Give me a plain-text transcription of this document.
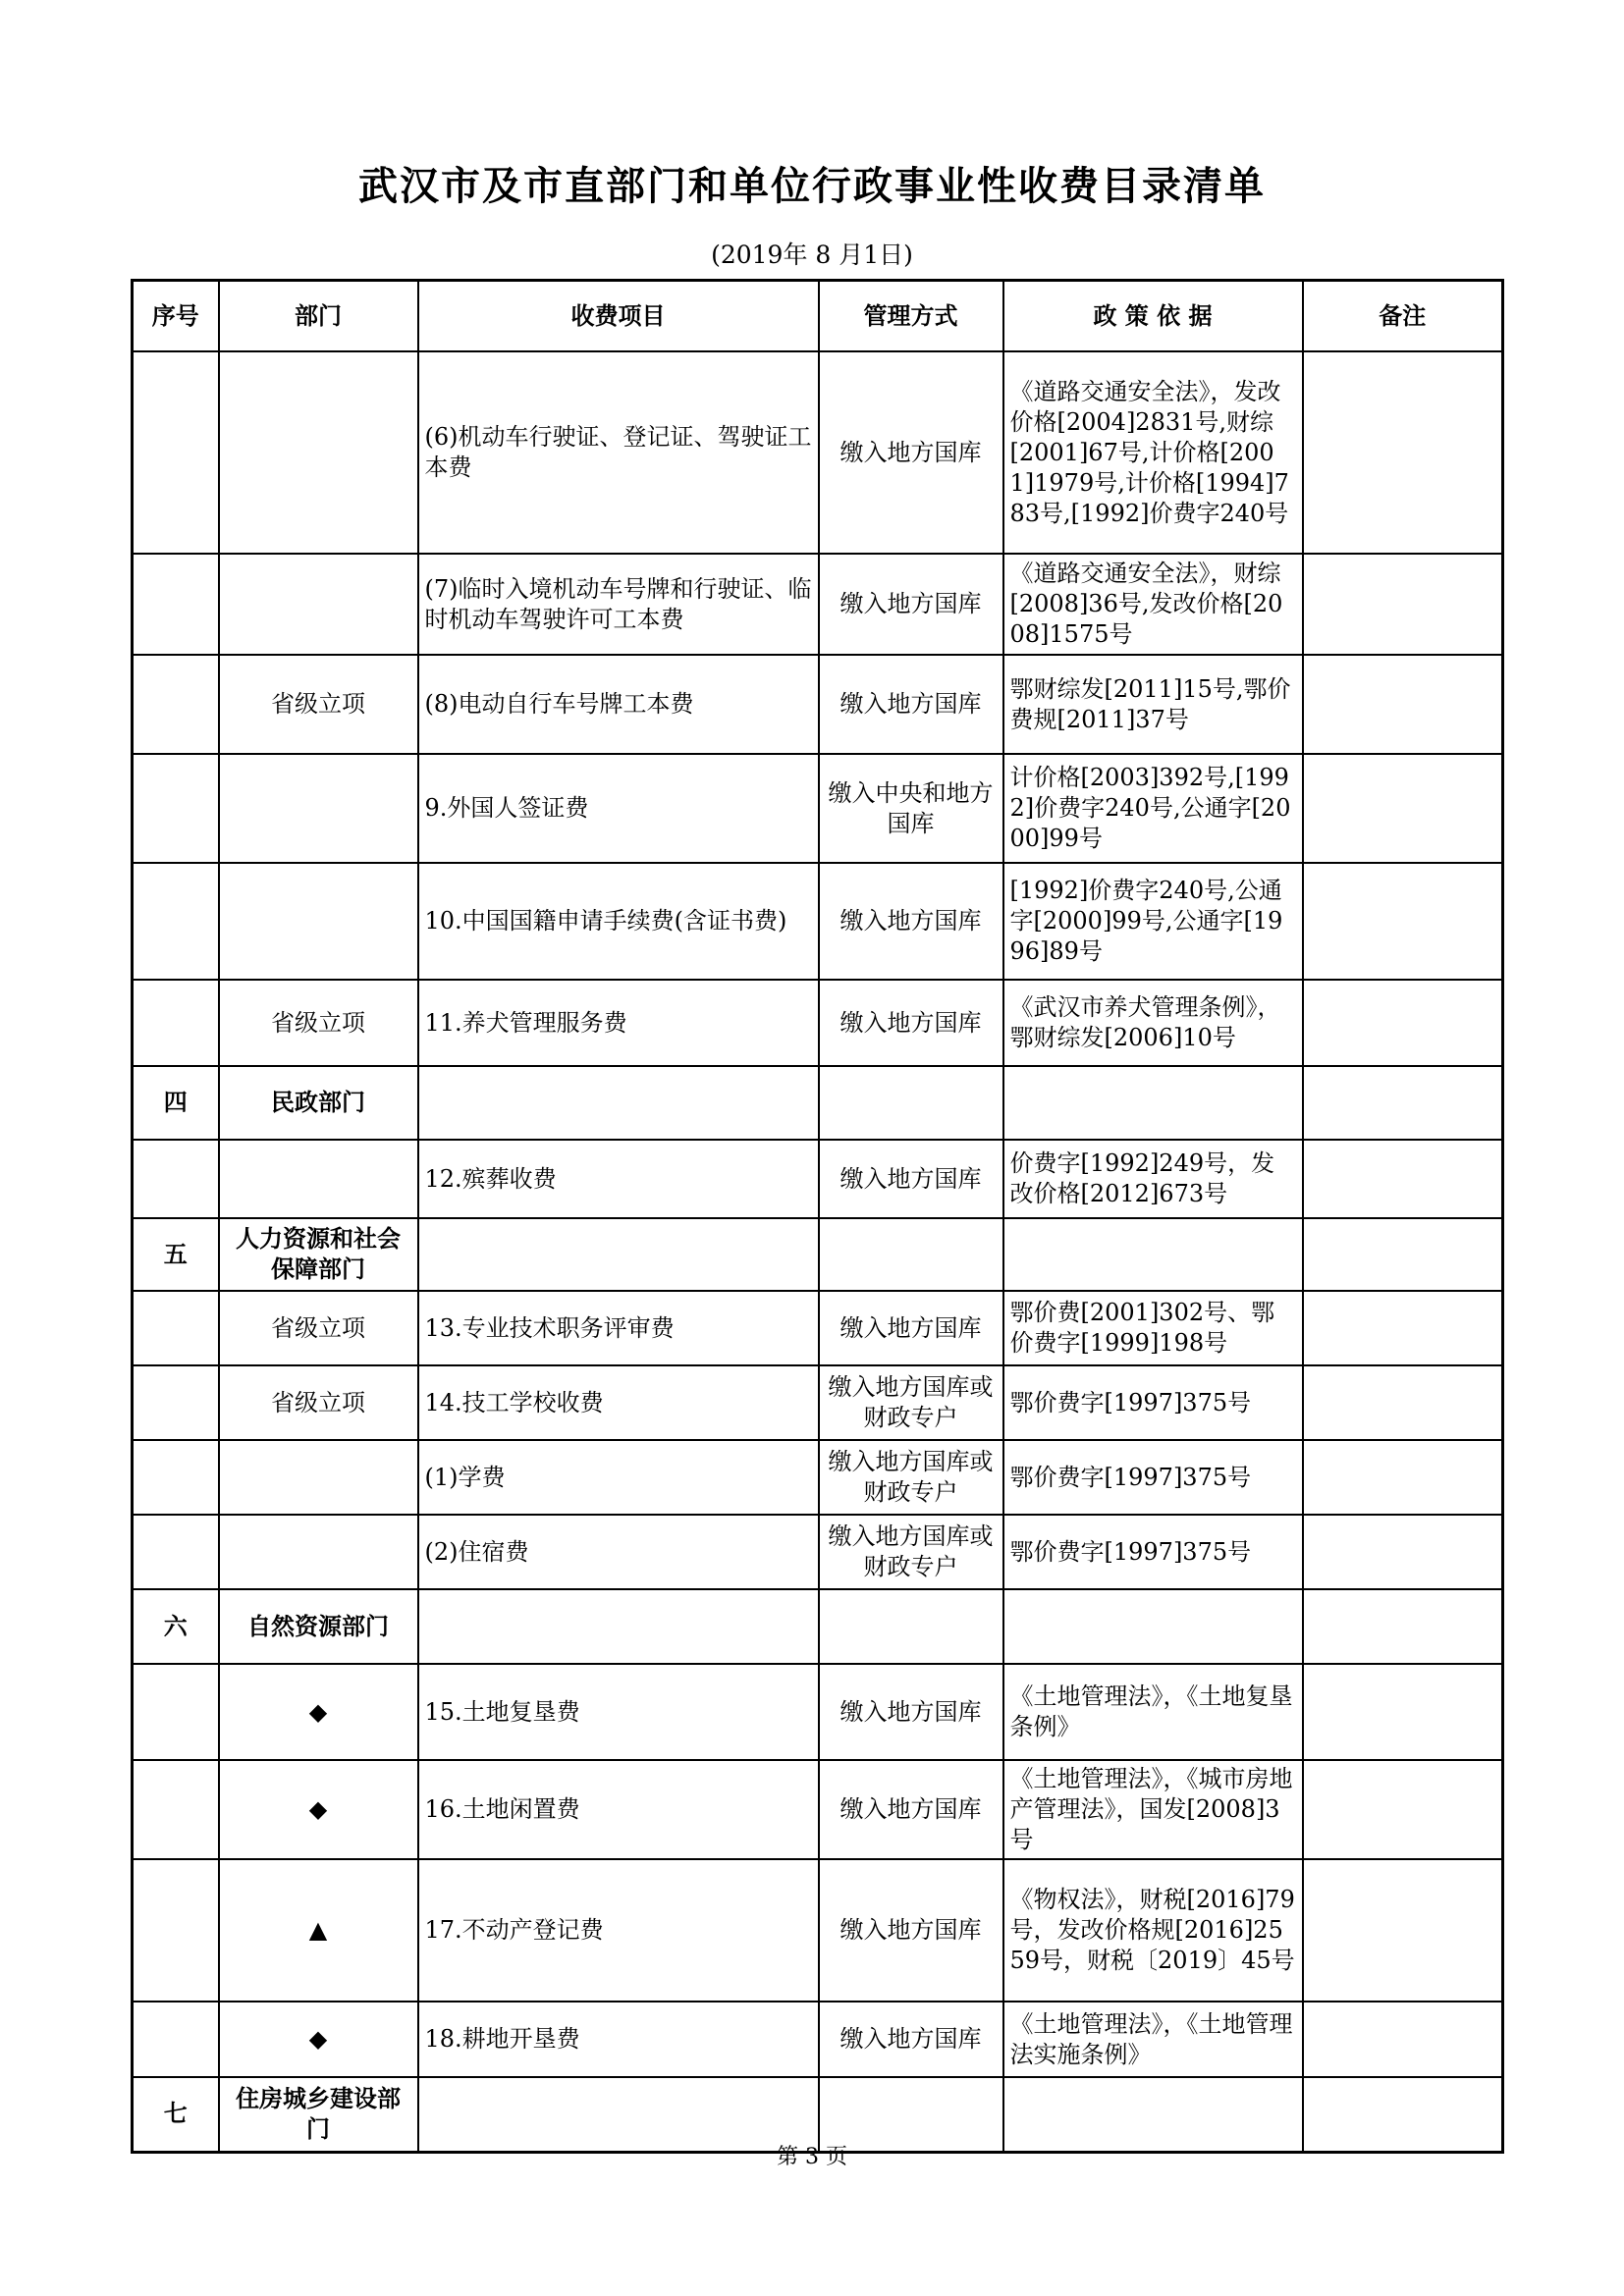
武汉市及市直部门和单位行政事业性收费目录清单
(2019年 8 月1日)
序号	部门	收费项目	管理方式	政 策 依 据	备注
		(6)机动车行驶证、登记证、驾驶证工本费	缴入地方国库	《道路交通安全法》，发改价格[2004]2831号,财综[2001]67号,计价格[2001]1979号,计价格[1994]783号,[1992]价费字240号	
		(7)临时入境机动车号牌和行驶证、临时机动车驾驶许可工本费	缴入地方国库	《道路交通安全法》，财综[2008]36号,发改价格[2008]1575号	
	省级立项	(8)电动自行车号牌工本费	缴入地方国库	鄂财综发[2011]15号,鄂价费规[2011]37号	
		9.外国人签证费	缴入中央和地方国库	计价格[2003]392号,[1992]价费字240号,公通字[2000]99号	
		10.中国国籍申请手续费(含证书费)	缴入地方国库	[1992]价费字240号,公通字[2000]99号,公通字[1996]89号	
	省级立项	11.养犬管理服务费	缴入地方国库	《武汉市养犬管理条例》，鄂财综发[2006]10号	
四	民政部门				
		12.殡葬收费	缴入地方国库	价费字[1992]249号，发改价格[2012]673号	
五	人力资源和社会保障部门				
	省级立项	13.专业技术职务评审费	缴入地方国库	鄂价费[2001]302号、鄂价费字[1999]198号	
	省级立项	14.技工学校收费	缴入地方国库或财政专户	鄂价费字[1997]375号	
		(1)学费	缴入地方国库或财政专户	鄂价费字[1997]375号	
		(2)住宿费	缴入地方国库或财政专户	鄂价费字[1997]375号	
六	自然资源部门				
	◆	15.土地复垦费	缴入地方国库	《土地管理法》，《土地复垦条例》	
	◆	16.土地闲置费	缴入地方国库	《土地管理法》，《城市房地产管理法》，国发[2008]3号	
	▲	17.不动产登记费	缴入地方国库	《物权法》，财税[2016]79号，发改价格规[2016]2559号，财税〔2019〕45号	
	◆	18.耕地开垦费	缴入地方国库	《土地管理法》，《土地管理法实施条例》	
七	住房城乡建设部门				
第 3 页
